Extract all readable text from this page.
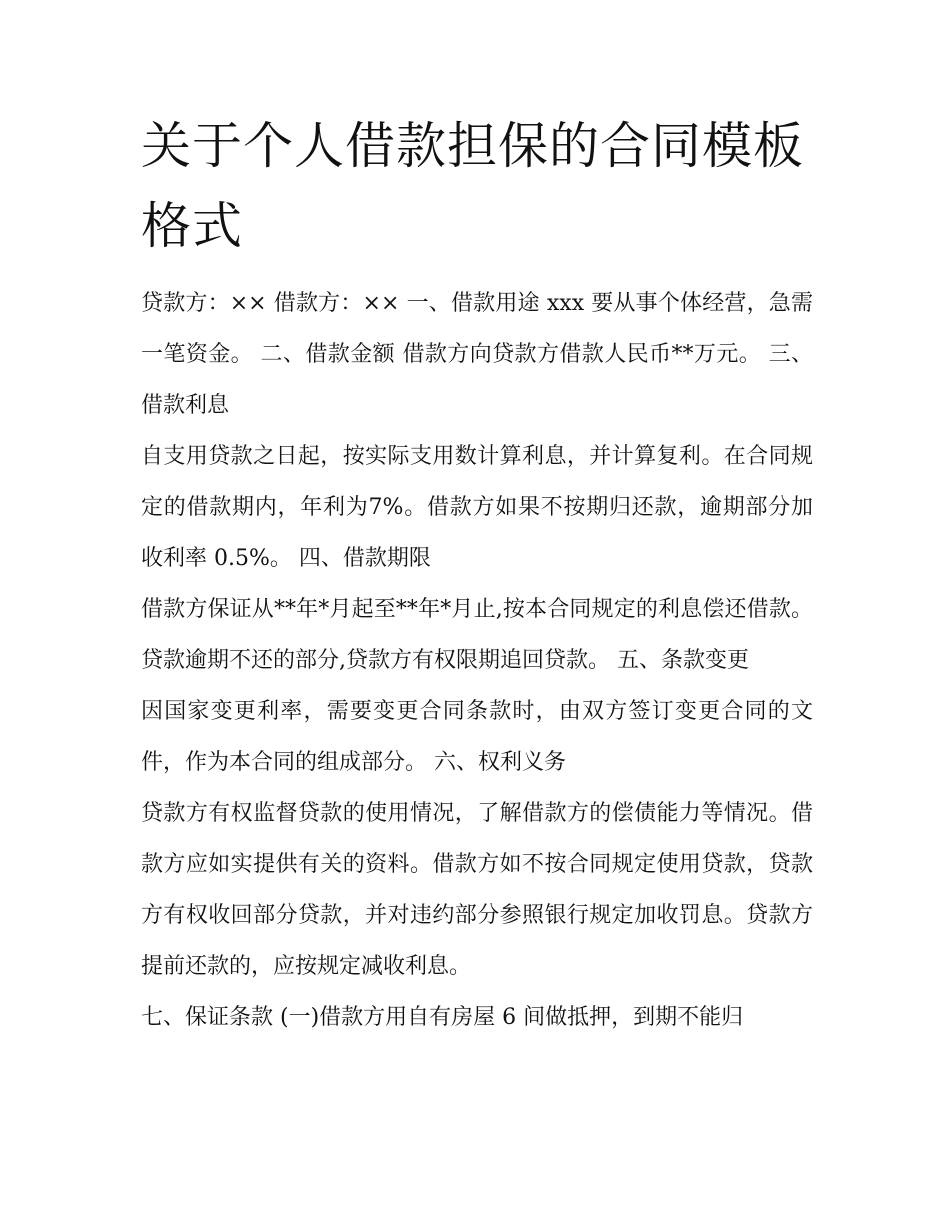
关于个人借款担保的合同模板格式

贷款方：×× 借款方：×× 一、借款用途 xxx 要从事个体经营，急需一笔资金。 二、借款金额 借款方向贷款方借款人民币**万元。 三、借款利息

自支用贷款之日起，按实际支用数计算利息，并计算复利。在合同规定的借款期内，年利为7%。借款方如果不按期归还款，逾期部分加收利率 0.5%。 四、借款期限

借款方保证从**年*月起至**年*月止,按本合同规定的利息偿还借款。贷款逾期不还的部分,贷款方有权限期追回贷款。 五、条款变更

因国家变更利率，需要变更合同条款时，由双方签订变更合同的文件，作为本合同的组成部分。 六、权利义务

贷款方有权监督贷款的使用情况，了解借款方的偿债能力等情况。借款方应如实提供有关的资料。借款方如不按合同规定使用贷款，贷款方有权收回部分贷款，并对违约部分参照银行规定加收罚息。贷款方提前还款的，应按规定减收利息。

七、保证条款 (一)借款方用自有房屋 6 间做抵押，到期不能归
